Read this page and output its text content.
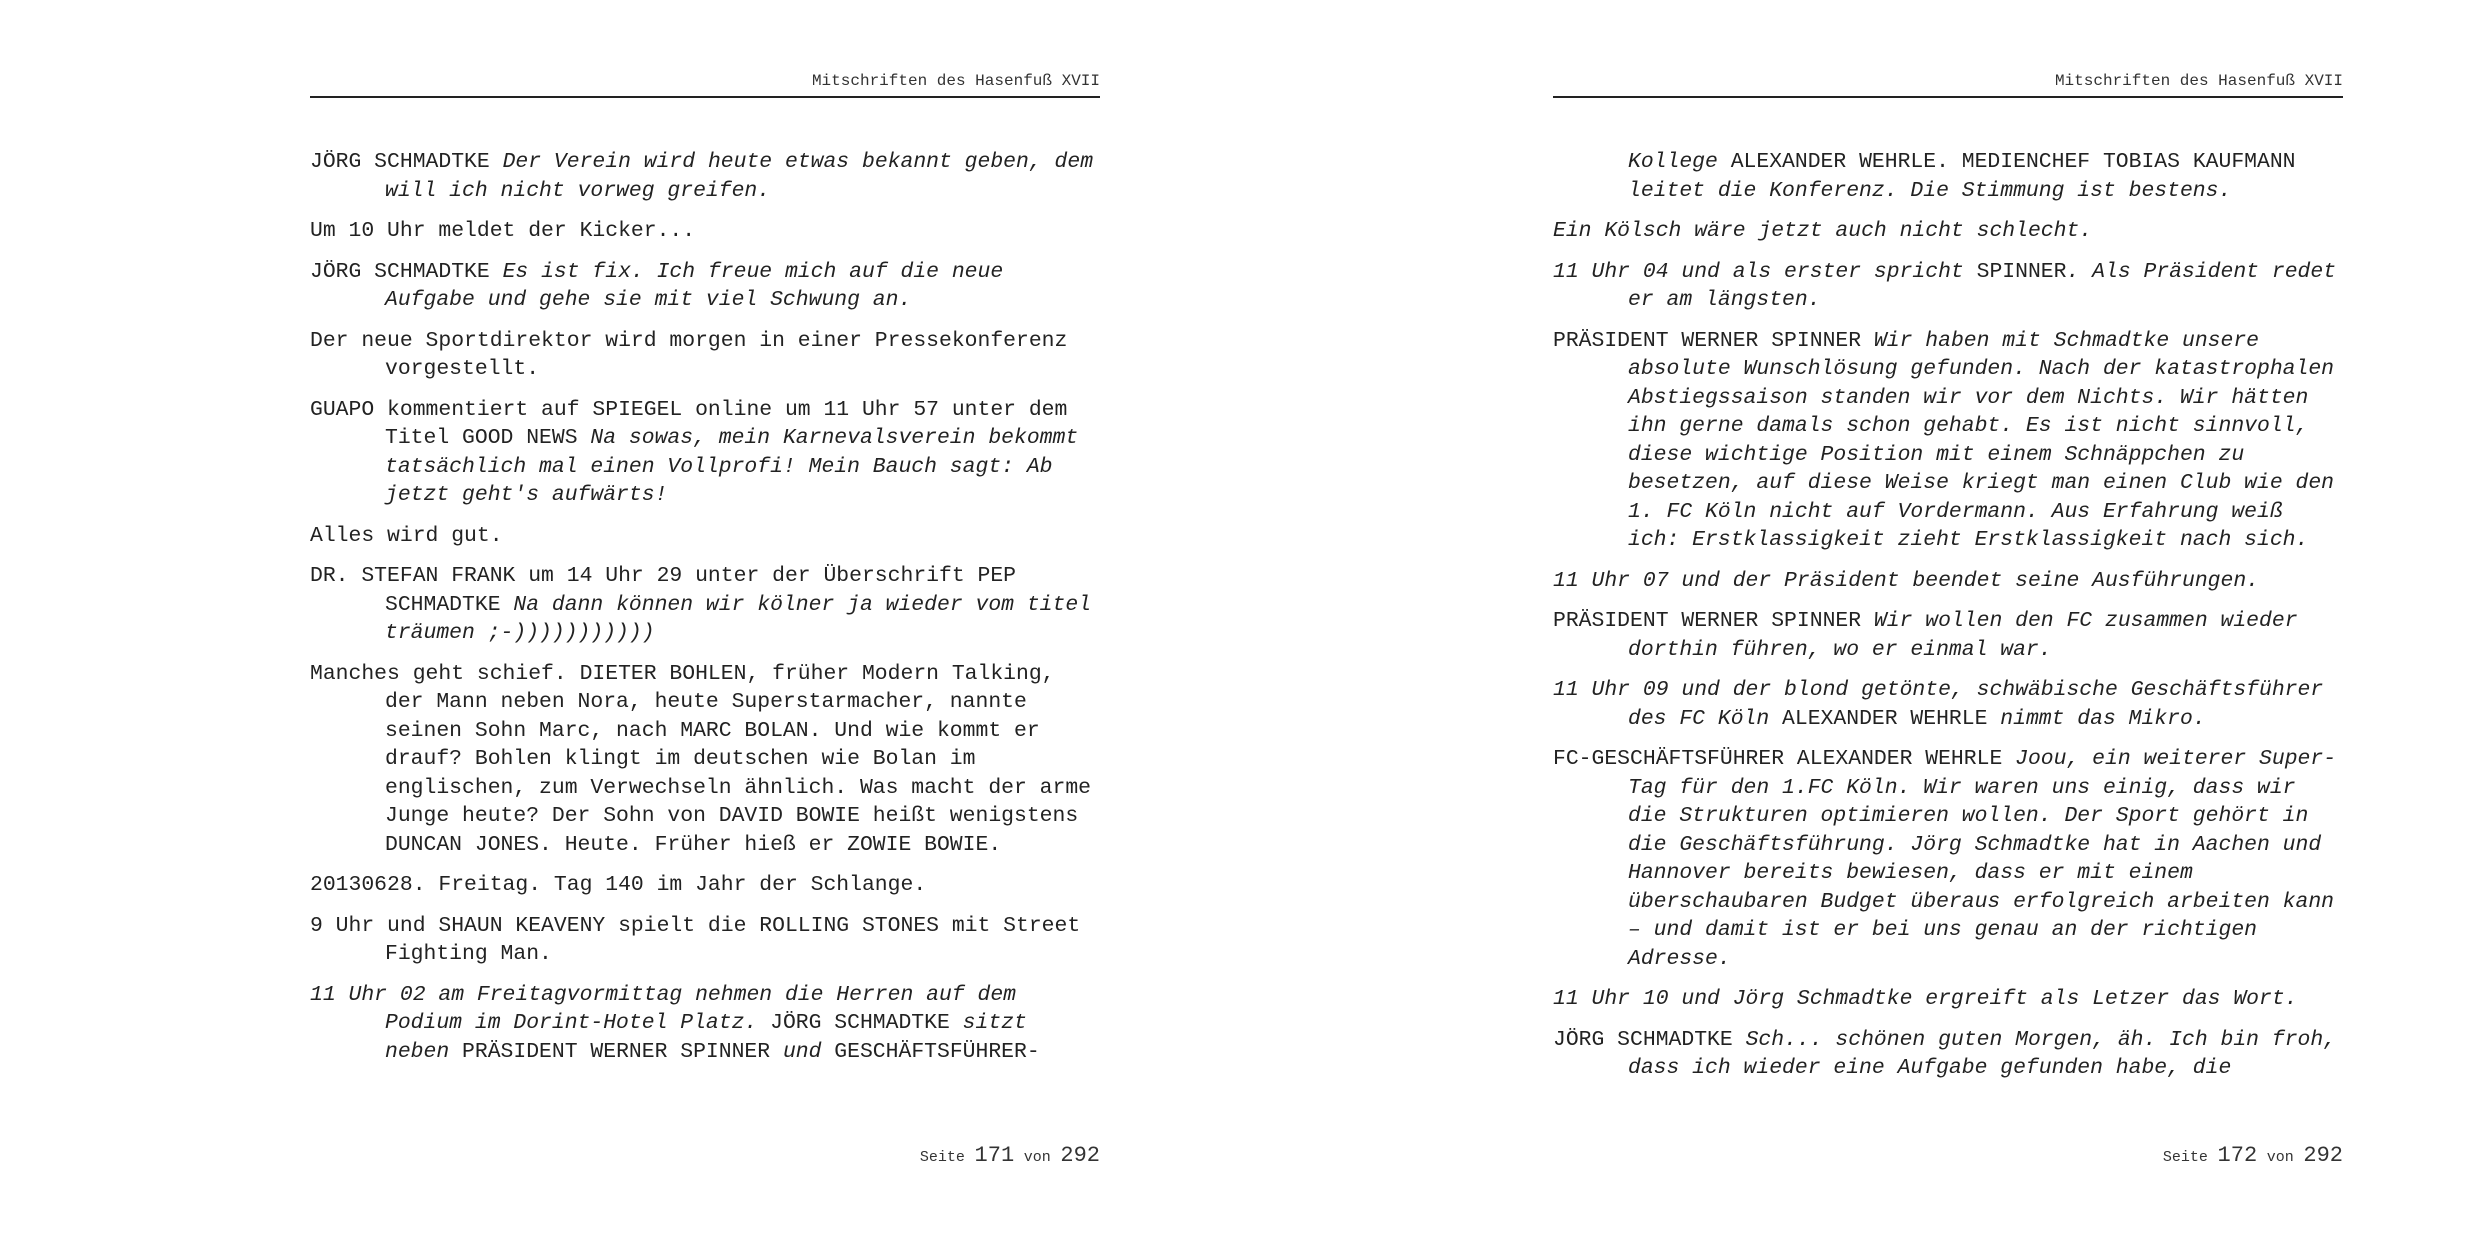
Mitschriften des Hasenfuß XVII

JÖRG SCHMADTKE Der Verein wird heute etwas bekannt geben, dem will ich nicht vorweg greifen.

Um 10 Uhr meldet der Kicker...

JÖRG SCHMADTKE Es ist fix. Ich freue mich auf die neue Aufgabe und gehe sie mit viel Schwung an.

Der neue Sportdirektor wird morgen in einer Pressekonferenz vorgestellt.

GUAPO kommentiert auf SPIEGEL online um 11 Uhr 57 unter dem Titel GOOD NEWS Na sowas, mein Karnevalsverein bekommt tatsächlich mal einen Vollprofi! Mein Bauch sagt: Ab jetzt geht's aufwärts!

Alles wird gut.

DR. STEFAN FRANK um 14 Uhr 29 unter der Überschrift PEP SCHMADTKE Na dann können wir kölner ja wieder vom titel träumen ;-)))))))))))

Manches geht schief. DIETER BOHLEN, früher Modern Talking, der Mann neben Nora, heute Superstarmacher, nannte seinen Sohn Marc, nach MARC BOLAN. Und wie kommt er drauf? Bohlen klingt im deutschen wie Bolan im englischen, zum Verwechseln ähnlich. Was macht der arme Junge heute? Der Sohn von DAVID BOWIE heißt wenigstens DUNCAN JONES. Heute. Früher hieß er ZOWIE BOWIE.

20130628. Freitag. Tag 140 im Jahr der Schlange.

9 Uhr und SHAUN KEAVENY spielt die ROLLING STONES mit Street Fighting Man.

11 Uhr 02 am Freitagvormittag nehmen die Herren auf dem Podium im Dorint-Hotel Platz. JÖRG SCHMADTKE sitzt neben PRÄSIDENT WERNER SPINNER und GESCHÄFTSFÜHRER-

Seite 171 von 292
Mitschriften des Hasenfuß XVII

Kollege ALEXANDER WEHRLE. MEDIENCHEF TOBIAS KAUFMANN leitet die Konferenz. Die Stimmung ist bestens.

Ein Kölsch wäre jetzt auch nicht schlecht.

11 Uhr 04 und als erster spricht SPINNER. Als Präsident redet er am längsten.

PRÄSIDENT WERNER SPINNER Wir haben mit Schmadtke unsere absolute Wunschlösung gefunden. Nach der katastrophalen Abstiegssaison standen wir vor dem Nichts. Wir hätten ihn gerne damals schon gehabt. Es ist nicht sinnvoll, diese wichtige Position mit einem Schnäppchen zu besetzen, auf diese Weise kriegt man einen Club wie den 1. FC Köln nicht auf Vordermann. Aus Erfahrung weiß ich: Erstklassigkeit zieht Erstklassigkeit nach sich.

11 Uhr 07 und der Präsident beendet seine Ausführungen.

PRÄSIDENT WERNER SPINNER Wir wollen den FC zusammen wieder dorthin führen, wo er einmal war.

11 Uhr 09 und der blond getönte, schwäbische Geschäftsführer des FC Köln ALEXANDER WEHRLE nimmt das Mikro.

FC-GESCHÄFTSFÜHRER ALEXANDER WEHRLE Joou, ein weiterer Super-Tag für den 1.FC Köln. Wir waren uns einig, dass wir die Strukturen optimieren wollen. Der Sport gehört in die Geschäftsführung. Jörg Schmadtke hat in Aachen und Hannover bereits bewiesen, dass er mit einem überschaubaren Budget überaus erfolgreich arbeiten kann – und damit ist er bei uns genau an der richtigen Adresse.

11 Uhr 10 und Jörg Schmadtke ergreift als Letzer das Wort.

JÖRG SCHMADTKE Sch... schönen guten Morgen, äh. Ich bin froh, dass ich wieder eine Aufgabe gefunden habe, die

Seite 172 von 292
